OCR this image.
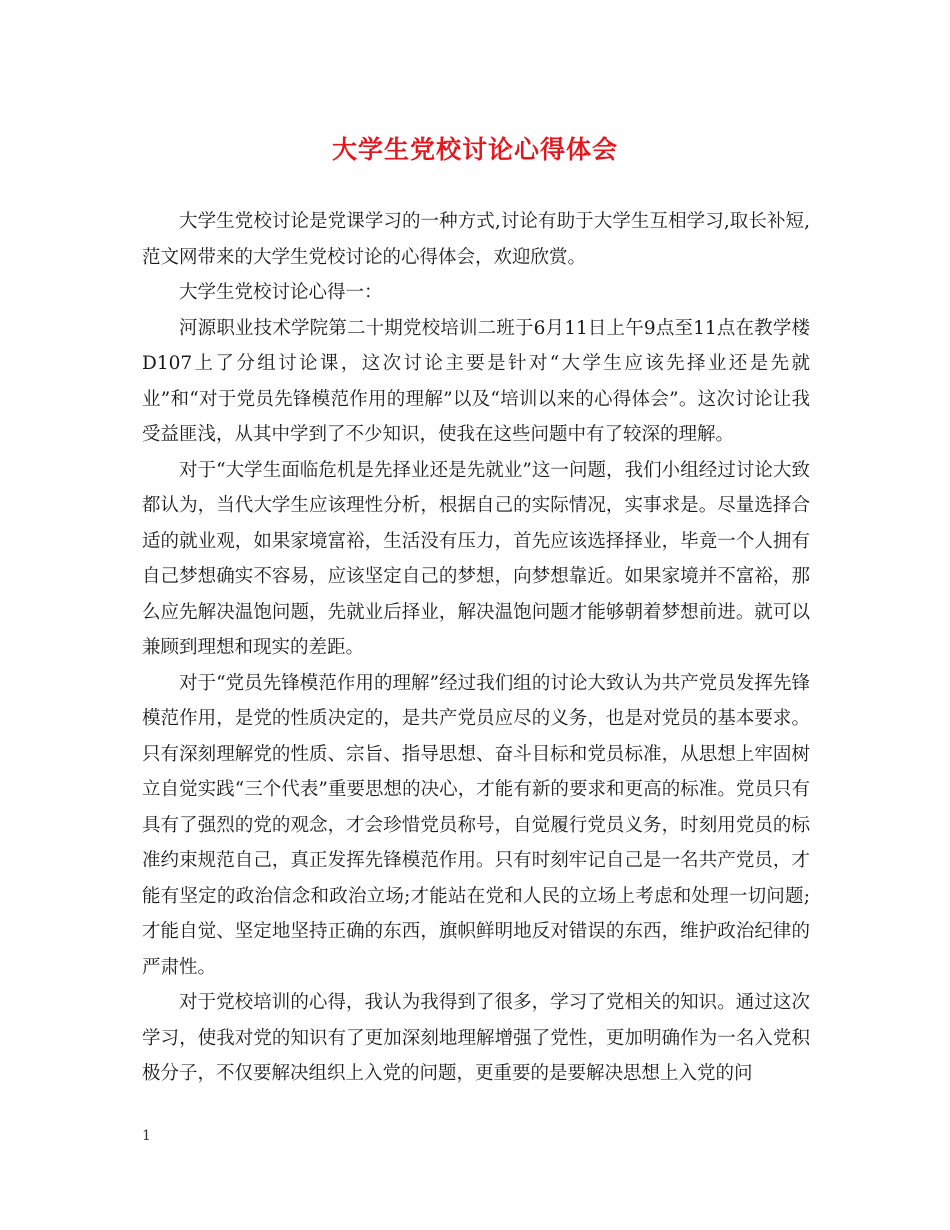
大学生党校讨论心得体会

大学生党校讨论是党课学习的一种方式,讨论有助于大学生互相学习,取长补短,范文网带来的大学生党校讨论的心得体会，欢迎欣赏。

大学生党校讨论心得一：

河源职业技术学院第二十期党校培训二班于6月11日上午9点至11点在教学楼D107上了分组讨论课，这次讨论主要是针对“大学生应该先择业还是先就业”和“对于党员先锋模范作用的理解”以及“培训以来的心得体会”。这次讨论让我受益匪浅，从其中学到了不少知识，使我在这些问题中有了较深的理解。

对于“大学生面临危机是先择业还是先就业”这一问题，我们小组经过讨论大致都认为，当代大学生应该理性分析，根据自己的实际情况，实事求是。尽量选择合适的就业观，如果家境富裕，生活没有压力，首先应该选择择业，毕竟一个人拥有自己梦想确实不容易，应该坚定自己的梦想，向梦想靠近。如果家境并不富裕，那么应先解决温饱问题，先就业后择业，解决温饱问题才能够朝着梦想前进。就可以兼顾到理想和现实的差距。

对于“党员先锋模范作用的理解”经过我们组的讨论大致认为共产党员发挥先锋模范作用，是党的性质决定的，是共产党员应尽的义务，也是对党员的基本要求。只有深刻理解党的性质、宗旨、指导思想、奋斗目标和党员标准，从思想上牢固树立自觉实践“三个代表”重要思想的决心，才能有新的要求和更高的标准。党员只有具有了强烈的党的观念，才会珍惜党员称号，自觉履行党员义务，时刻用党员的标准约束规范自己，真正发挥先锋模范作用。只有时刻牢记自己是一名共产党员，才能有坚定的政治信念和政治立场;才能站在党和人民的立场上考虑和处理一切问题;才能自觉、坚定地坚持正确的东西，旗帜鲜明地反对错误的东西，维护政治纪律的严肃性。

对于党校培训的心得，我认为我得到了很多，学习了党相关的知识。通过这次学习，使我对党的知识有了更加深刻地理解增强了党性，更加明确作为一名入党积极分子，不仅要解决组织上入党的问题，更重要的是要解决思想上入党的问

1
